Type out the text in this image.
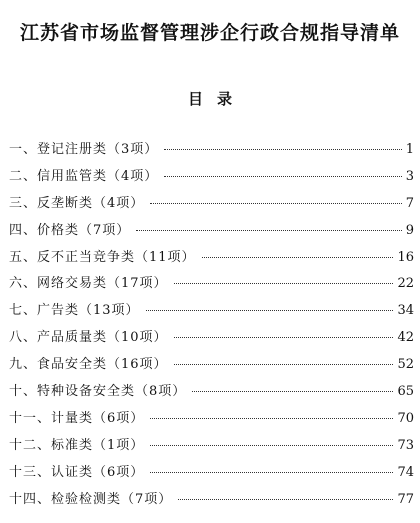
江苏省市场监督管理涉企行政合规指导清单
目录
一、登记注册类（3项）	1
二、信用监管类（4项）	3
三、反垄断类（4项）	7
四、价格类（7项）	9
五、反不正当竞争类（11项）	16
六、网络交易类（17项）	22
七、广告类（13项）	34
八、产品质量类（10项）	42
九、食品安全类（16项）	52
十、特种设备安全类（8项）	65
十一、计量类（6项）	70
十二、标准类（1项）	73
十三、认证类（6项）	74
十四、检验检测类（7项）	77
